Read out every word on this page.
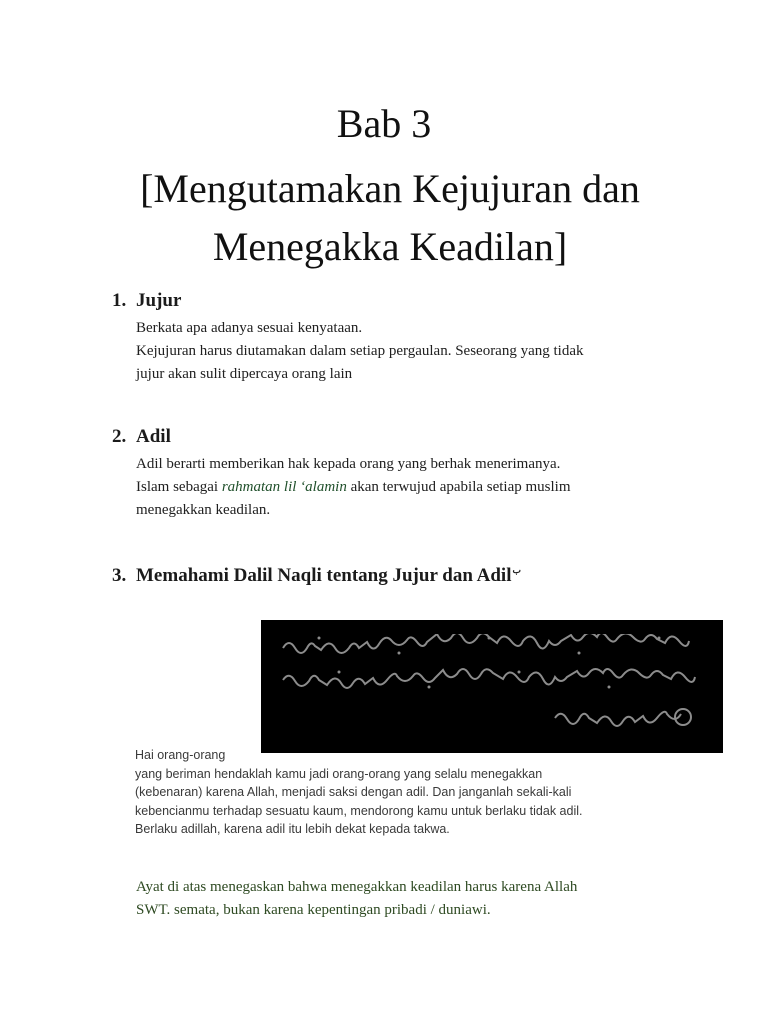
Bab 3
[Mengutamakan Kejujuran dan
Menegakka Keadilan]
1. Jujur
Berkata apa adanya sesuai kenyataan.
Kejujuran harus diutamakan dalam setiap pergaulan. Seseorang yang tidak
jujur akan sulit dipercaya orang lain
2. Adil
Adil berarti memberikan hak kepada orang yang berhak menerimanya.
Islam sebagai rahmatan lil ‘alamin akan terwujud apabila setiap muslim
menegakkan keadilan.
3. Memahami Dalil Naqli tentang Jujur dan Adil$^ب$
Hai orang-orang
yang beriman hendaklah kamu jadi orang-orang yang selalu menegakkan
(kebenaran) karena Allah, menjadi saksi dengan adil. Dan janganlah sekali-kali
kebencianmu terhadap sesuatu kaum, mendorong kamu untuk berlaku tidak adil.
Berlaku adillah, karena adil itu lebih dekat kepada takwa.
Ayat di atas menegaskan bahwa menegakkan keadilan harus karena Allah
SWT. semata, bukan karena kepentingan pribadi / duniawi.
